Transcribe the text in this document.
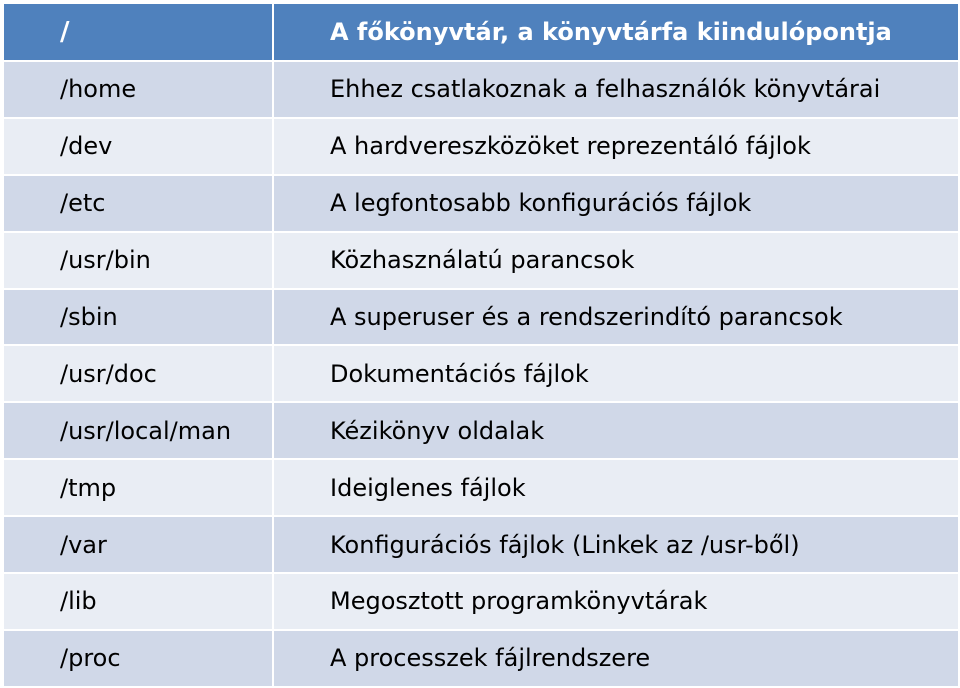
/	A főkönyvtár, a könyvtárfa kiindulópontja
/home	Ehhez csatlakoznak a felhasználók könyvtárai
/dev	A hardvereszközöket reprezentáló fájlok
/etc	A legfontosabb konfigurációs fájlok
/usr/bin	Közhasználatú parancsok
/sbin	A superuser és a rendszerindító parancsok
/usr/doc	Dokumentációs fájlok
/usr/local/man	Kézikönyv oldalak
/tmp	Ideiglenes fájlok
/var	Konfigurációs fájlok (Linkek az /usr-ből)
/lib	Megosztott programkönyvtárak
/proc	A processzek fájlrendszere
